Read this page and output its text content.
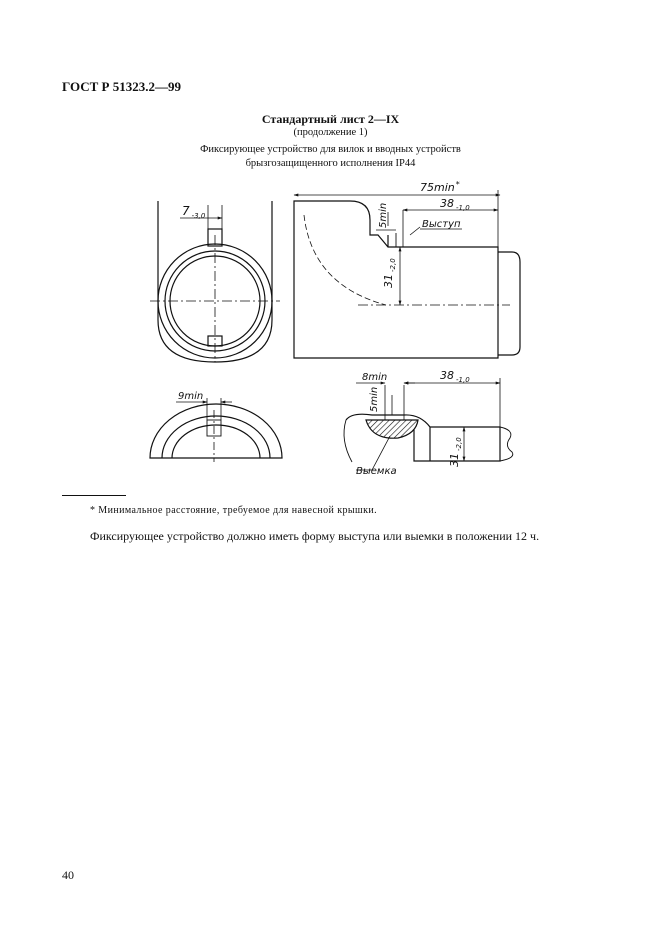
ГОСТ Р 51323.2—99
Стандартный лист 2—IX
(продолжение 1)
Фиксирующее устройство для вилок и вводных устройств
брызгозащищенного исполнения IP44
7 $_{-3,0}$
75min*
38 $_{-1,0}$
5min	Выступ
$31_{-2,0}$
9min
8min
5min
38 $_{-1,0}$
$31_{-2,0}$
Выемка
* Минимальное расстояние, требуемое для навесной крышки.
Фиксирующее устройство должно иметь форму выступа или выемки в положении 12 ч.
40
